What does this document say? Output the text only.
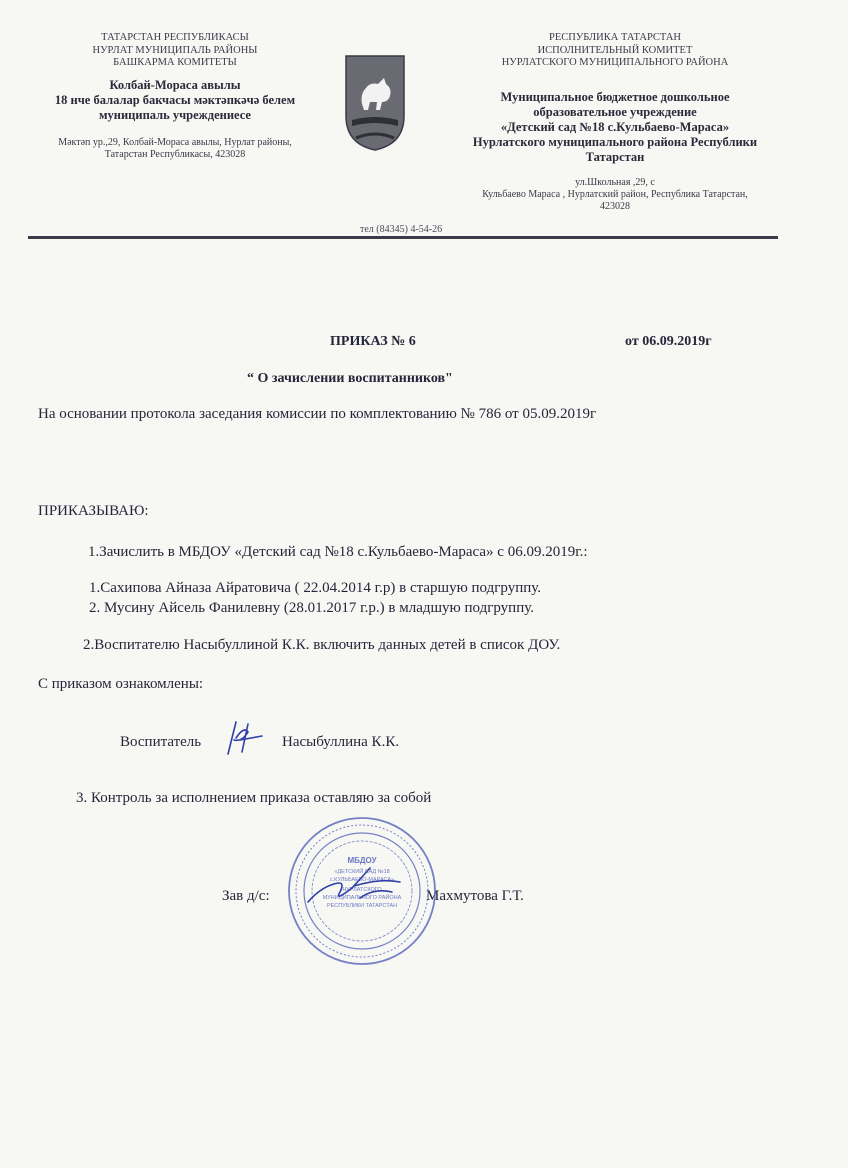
ТАТАРСТАН РЕСПУБЛИКАСЫ
НУРЛАТ МУНИЦИПАЛЬ РАЙОНЫ
БАШКАРМА КОМИТЕТЫ
Колбай-Мораса авылы
18 нче балалар бакчасы мәктәпкәчә белем
муниципаль учреждениесе
Мәктәп ур.,29, Колбай-Мораса авылы, Нурлат районы,
Татарстан Республикасы, 423028
РЕСПУБЛИКА ТАТАРСТАН
ИСПОЛНИТЕЛЬНЫЙ КОМИТЕТ
НУРЛАТСКОГО МУНИЦИПАЛЬНОГО РАЙОНА
Муниципальное бюджетное дошкольное
образовательное учреждение
«Детский сад №18 с.Кульбаево-Мараса»
Нурлатского муниципального района Республики
Татарстан
ул.Школьная ,29, с
Кульбаево Мараса , Нурлатский район, Республика Татарстан,
423028
тел (84345) 4-54-26
ПРИКАЗ № 6	от 06.09.2019г
“ О зачислении воспитанников"
На основании протокола заседания комиссии по комплектованию № 786 от 05.09.2019г
ПРИКАЗЫВАЮ:
1.Зачислить в МБДОУ «Детский сад №18 с.Кульбаево-Мараса» с 06.09.2019г.:
1.Сахипова Айназа Айратовича ( 22.04.2014 г.р) в старшую подгруппу.
2. Мусину Айсель Фанилевну (28.01.2017 г.р.) в младшую подгруппу.
2.Воспитателю Насыбуллиной К.К. включить данных детей в список ДОУ.
С приказом ознакомлены:
Воспитатель	Насыбуллина К.К.
3. Контроль за исполнением приказа оставляю за собой
Зав д/с:	Махмутова Г.Т.
МБДОУ
«ДЕТСКИЙ САД №18
с.КУЛЬБАЕВО-МАРАСА»
НУРЛАТСКОГО
МУНИЦИПАЛЬНОГО РАЙОНА
РЕСПУБЛИКИ ТАТАРСТАН
